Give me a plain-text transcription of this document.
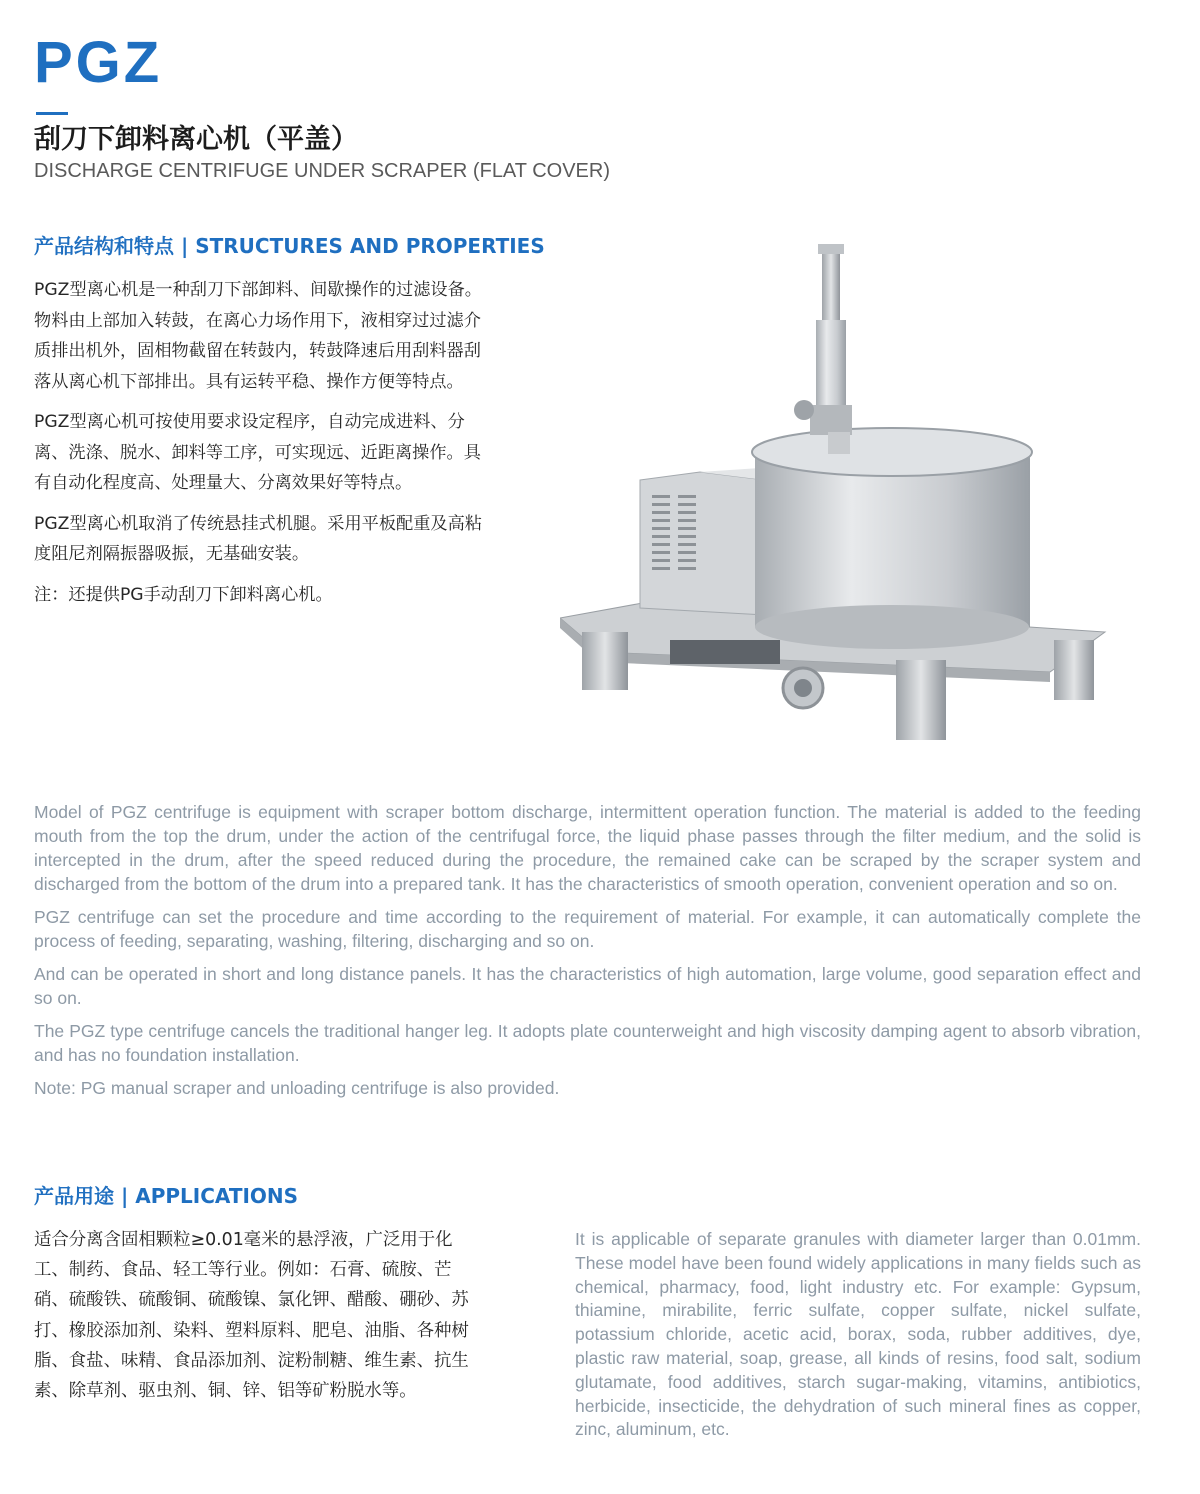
PGZ
刮刀下卸料离心机（平盖）
DISCHARGE CENTRIFUGE UNDER SCRAPER (FLAT COVER)
产品结构和特点 | STRUCTURES AND PROPERTIES

PGZ型离心机是一种刮刀下部卸料、间歇操作的过滤设备。物料由上部加入转鼓，在离心力场作用下，液相穿过过滤介质排出机外，固相物截留在转鼓内，转鼓降速后用刮料器刮落从离心机下部排出。具有运转平稳、操作方便等特点。

PGZ型离心机可按使用要求设定程序，自动完成进料、分离、洗涤、脱水、卸料等工序，可实现远、近距离操作。具有自动化程度高、处理量大、分离效果好等特点。

PGZ型离心机取消了传统悬挂式机腿。采用平板配重及高粘度阻尼剂隔振器吸振，无基础安装。

注：还提供PG手动刮刀下卸料离心机。

Model of PGZ centrifuge is equipment with scraper bottom discharge, intermittent operation function. The material is added to the feeding mouth from the top the drum, under the action of the centrifugal force, the liquid phase passes through the filter medium, and the solid is intercepted in the drum, after the speed reduced during the procedure, the remained cake can be scraped by the scraper system and discharged from the bottom of the drum into a prepared tank. It has the characteristics of smooth operation, convenient operation and so on.

PGZ centrifuge can set the procedure and time according to the requirement of material. For example, it can automatically complete the process of feeding, separating, washing, filtering, discharging and so on.

And can be operated in short and long distance panels. It has the characteristics of high automation, large volume, good separation effect and so on.

The PGZ type centrifuge cancels the traditional hanger leg. It adopts plate counterweight and high viscosity damping agent to absorb vibration, and has no foundation installation.

Note: PG manual scraper and unloading centrifuge is also provided.

产品用途 | APPLICATIONS
适合分离含固相颗粒≥0.01毫米的悬浮液，广泛用于化工、制药、食品、轻工等行业。例如：石膏、硫胺、芒硝、硫酸铁、硫酸铜、硫酸镍、氯化钾、醋酸、硼砂、苏打、橡胶添加剂、染料、塑料原料、肥皂、油脂、各种树脂、食盐、味精、食品添加剂、淀粉制糖、维生素、抗生素、除草剂、驱虫剂、铜、锌、铝等矿粉脱水等。
It is applicable of separate granules with diameter larger than 0.01mm. These model have been found widely applications in many fields such as chemical, pharmacy, food, light industry etc. For example: Gypsum, thiamine, mirabilite, ferric sulfate, copper sulfate, nickel sulfate, potassium chloride, acetic acid, borax, soda, rubber additives, dye, plastic raw material, soap, grease, all kinds of resins, food salt, sodium glutamate, food additives, starch sugar-making, vitamins, antibiotics, herbicide, insecticide, the dehydration of such mineral fines as copper, zinc, aluminum, etc.
